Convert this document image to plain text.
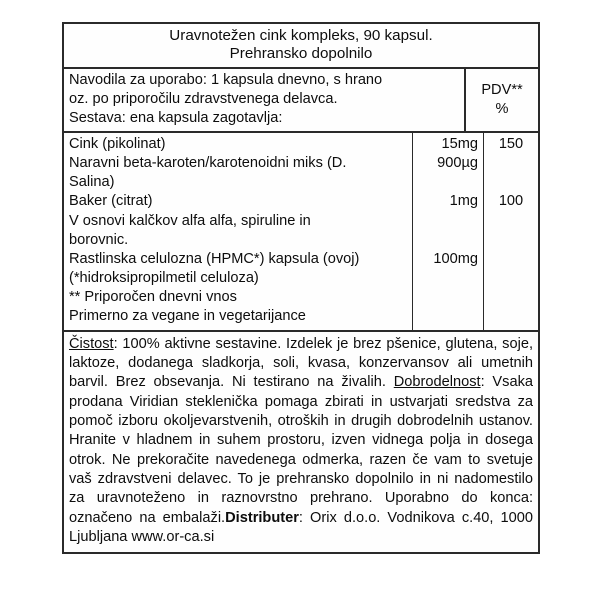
Uravnotežen cink kompleks, 90 kapsul.
Prehransko dopolnilo
Navodila za uporabo: 1 kapsula dnevno, s hrano
oz. po priporočilu zdravstvenega delavca.
Sestava: ena kapsula zagotavlja:
PDV**
%
Cink (pikolinat)
Naravni beta-karoten/karotenoidni miks (D.
Salina)
Baker (citrat)
V osnovi kalčkov alfa alfa, spiruline in
borovnic.
Rastlinska celulozna (HPMC*) kapsula (ovoj)
(*hidroksipropilmetil celuloza)
** Priporočen dnevni vnos
Primerno za vegane in vegetarijance
15mg
900µg

1mg

100mg

150

100

Čistost: 100% aktivne sestavine. Izdelek je brez pšenice, glutena, soje, laktoze, dodanega sladkorja, soli, kvasa, konzervansov ali umetnih barvil. Brez obsevanja. Ni testirano na živalih. Dobrodelnost: Vsaka prodana Viridian steklenička pomaga zbirati in ustvarjati sredstva za pomoč izboru okoljevarstvenih, otroških in drugih dobrodelnih ustanov. Hranite v hladnem in suhem prostoru, izven vidnega polja in dosega otrok. Ne prekoračite navedenega odmerka, razen če vam to svetuje vaš zdravstveni delavec. To je prehransko dopolnilo in ni nadomestilo za uravnoteženo in raznovrstno prehrano. Uporabno do konca: označeno na embalaži.Distributer: Orix d.o.o. Vodnikova c.40, 1000 Ljubljana www.or-ca.si
